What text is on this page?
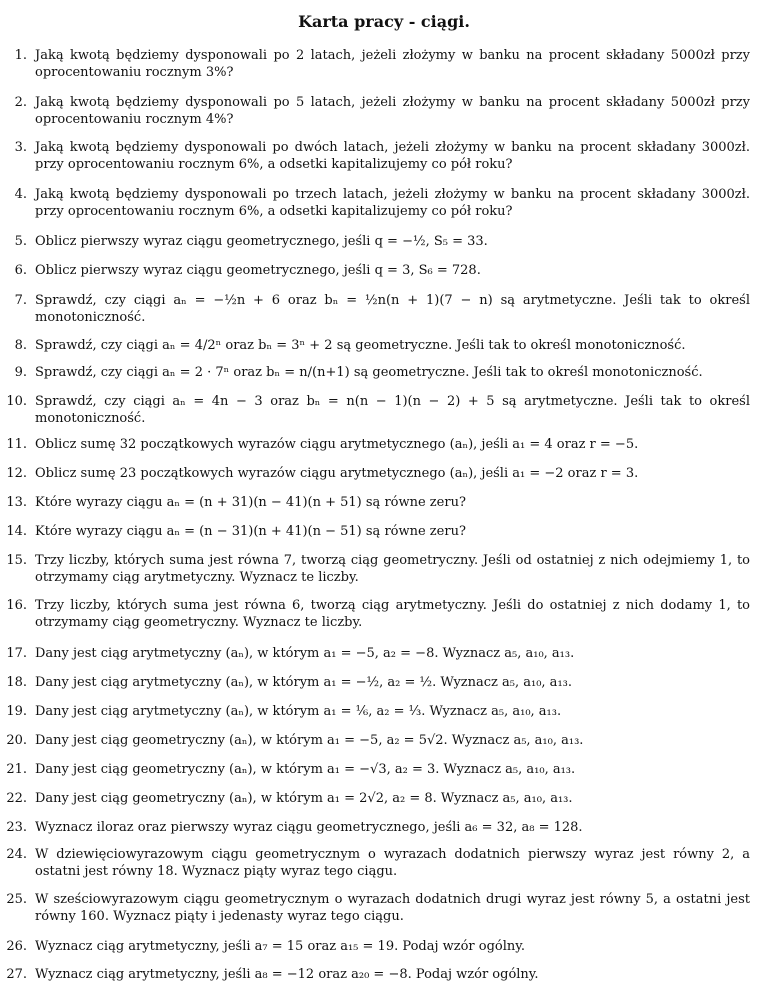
Karta pracy - ciągi.
1. Jaką kwotą będziemy dysponowali po 2 latach, jeżeli złożymy w banku na procent składany 5000zł przy oprocentowaniu rocznym 3%?
2. Jaką kwotą będziemy dysponowali po 5 latach, jeżeli złożymy w banku na procent składany 5000zł przy oprocentowaniu rocznym 4%?
3. Jaką kwotą będziemy dysponowali po dwóch latach, jeżeli złożymy w banku na procent składany 3000zł. przy oprocentowaniu rocznym 6%, a odsetki kapitalizujemy co pół roku?
4. Jaką kwotą będziemy dysponowali po trzech latach, jeżeli złożymy w banku na procent składany 3000zł. przy oprocentowaniu rocznym 6%, a odsetki kapitalizujemy co pół roku?
5. Oblicz pierwszy wyraz ciągu geometrycznego, jeśli q = −½, S₅ = 33.
6. Oblicz pierwszy wyraz ciągu geometrycznego, jeśli q = 3, S₆ = 728.
7. Sprawdź, czy ciągi aₙ = −½n + 6 oraz bₙ = ½n(n + 1)(7 − n) są arytmetyczne. Jeśli tak to określ monotoniczność.
8. Sprawdź, czy ciągi aₙ = 4/2ⁿ oraz bₙ = 3ⁿ + 2 są geometryczne. Jeśli tak to określ monotoniczność.
9. Sprawdź, czy ciągi aₙ = 2 · 7ⁿ oraz bₙ = n/(n+1) są geometryczne. Jeśli tak to określ monotoniczność.
10. Sprawdź, czy ciągi aₙ = 4n − 3 oraz bₙ = n(n − 1)(n − 2) + 5 są arytmetyczne. Jeśli tak to określ monotoniczność.
11. Oblicz sumę 32 początkowych wyrazów ciągu arytmetycznego (aₙ), jeśli a₁ = 4 oraz r = −5.
12. Oblicz sumę 23 początkowych wyrazów ciągu arytmetycznego (aₙ), jeśli a₁ = −2 oraz r = 3.
13. Które wyrazy ciągu aₙ = (n + 31)(n − 41)(n + 51) są równe zeru?
14. Które wyrazy ciągu aₙ = (n − 31)(n + 41)(n − 51) są równe zeru?
15. Trzy liczby, których suma jest równa 7, tworzą ciąg geometryczny. Jeśli od ostatniej z nich odejmiemy 1, to otrzymamy ciąg arytmetyczny. Wyznacz te liczby.
16. Trzy liczby, których suma jest równa 6, tworzą ciąg arytmetyczny. Jeśli do ostatniej z nich dodamy 1, to otrzymamy ciąg geometryczny. Wyznacz te liczby.
17. Dany jest ciąg arytmetyczny (aₙ), w którym a₁ = −5, a₂ = −8. Wyznacz a₅, a₁₀, a₁₃.
18. Dany jest ciąg arytmetyczny (aₙ), w którym a₁ = −½, a₂ = ½. Wyznacz a₅, a₁₀, a₁₃.
19. Dany jest ciąg arytmetyczny (aₙ), w którym a₁ = ⅙, a₂ = ⅓. Wyznacz a₅, a₁₀, a₁₃.
20. Dany jest ciąg geometryczny (aₙ), w którym a₁ = −5, a₂ = 5√2. Wyznacz a₅, a₁₀, a₁₃.
21. Dany jest ciąg geometryczny (aₙ), w którym a₁ = −√3, a₂ = 3. Wyznacz a₅, a₁₀, a₁₃.
22. Dany jest ciąg geometryczny (aₙ), w którym a₁ = 2√2, a₂ = 8. Wyznacz a₅, a₁₀, a₁₃.
23. Wyznacz iloraz oraz pierwszy wyraz ciągu geometrycznego, jeśli a₆ = 32, a₈ = 128.
24. W dziewięciowyrazowym ciągu geometrycznym o wyrazach dodatnich pierwszy wyraz jest równy 2, a ostatni jest równy 18. Wyznacz piąty wyraz tego ciągu.
25. W sześciowyrazowym ciągu geometrycznym o wyrazach dodatnich drugi wyraz jest równy 5, a ostatni jest równy 160. Wyznacz piąty i jedenasty wyraz tego ciągu.
26. Wyznacz ciąg arytmetyczny, jeśli a₇ = 15 oraz a₁₅ = 19. Podaj wzór ogólny.
27. Wyznacz ciąg arytmetyczny, jeśli a₈ = −12 oraz a₂₀ = −8. Podaj wzór ogólny.
